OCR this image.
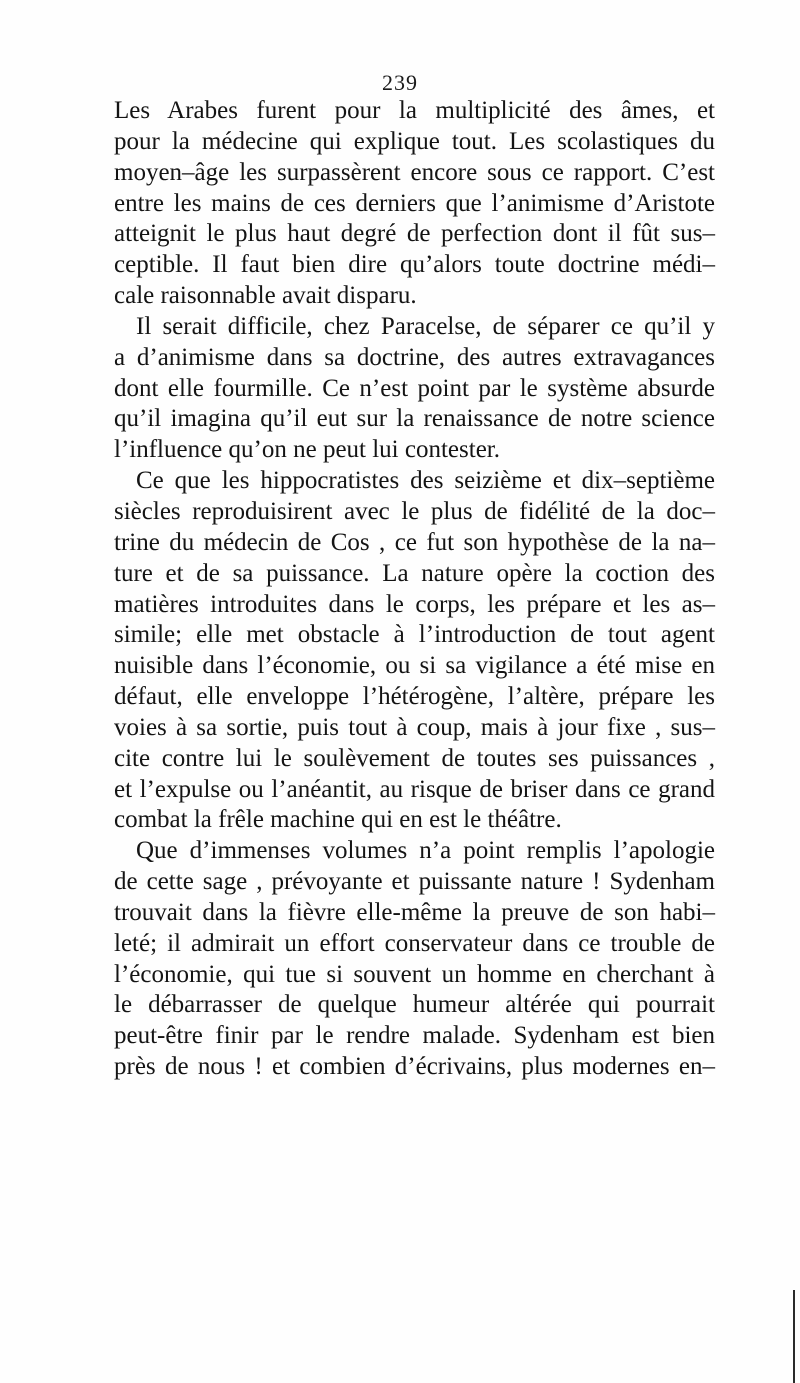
239
Les Arabes furent pour la multiplicité des âmes, et
pour la médecine qui explique tout. Les scolastiques du
moyen–âge les surpassèrent encore sous ce rapport. C’est
entre les mains de ces derniers que l’animisme d’Aristote
atteignit le plus haut degré de perfection dont il fût sus–
ceptible. Il faut bien dire qu’alors toute doctrine médi–
cale raisonnable avait disparu.
Il serait difficile, chez Paracelse, de séparer ce qu’il y
a d’animisme dans sa doctrine, des autres extravagances
dont elle fourmille. Ce n’est point par le système absurde
qu’il imagina qu’il eut sur la renaissance de notre science
l’influence qu’on ne peut lui contester.
Ce que les hippocratistes des seizième et dix–septième
siècles reproduisirent avec le plus de fidélité de la doc–
trine du médecin de Cos , ce fut son hypothèse de la na–
ture et de sa puissance. La nature opère la coction des
matières introduites dans le corps, les prépare et les as–
simile; elle met obstacle à l’introduction de tout agent
nuisible dans l’économie, ou si sa vigilance a été mise en
défaut, elle enveloppe l’hétérogène, l’altère, prépare les
voies à sa sortie, puis tout à coup, mais à jour fixe , sus–
cite contre lui le soulèvement de toutes ses puissances ,
et l’expulse ou l’anéantit, au risque de briser dans ce grand
combat la frêle machine qui en est le théâtre.
Que d’immenses volumes n’a point remplis l’apologie
de cette sage , prévoyante et puissante nature ! Sydenham
trouvait dans la fièvre elle-même la preuve de son habi–
leté; il admirait un effort conservateur dans ce trouble de
l’économie, qui tue si souvent un homme en cherchant à
le débarrasser de quelque humeur altérée qui pourrait
peut-être finir par le rendre malade. Sydenham est bien
près de nous ! et combien d’écrivains, plus modernes en–
